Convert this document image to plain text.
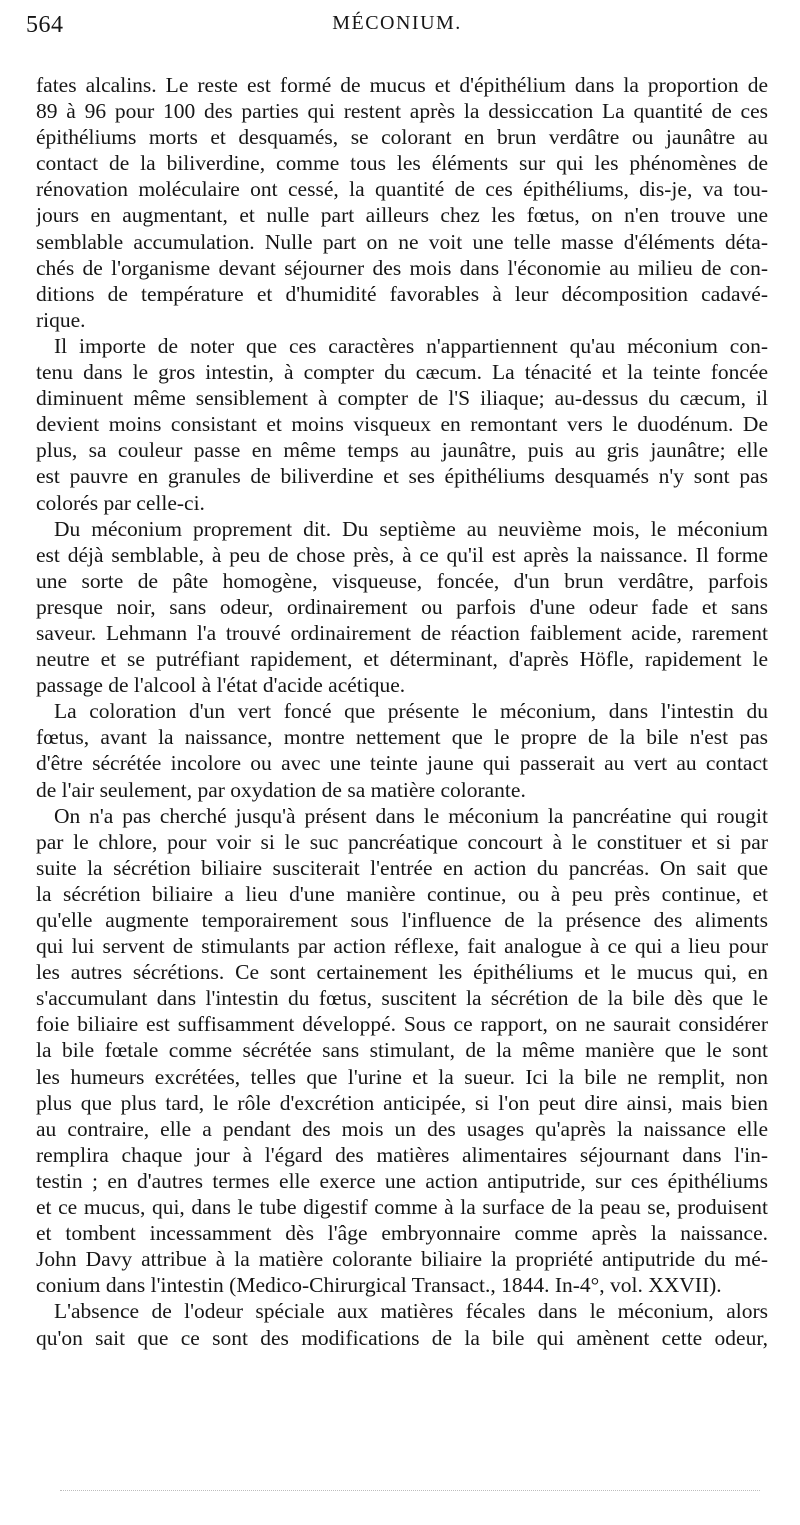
564	MÉCONIUM.
fates alcalins. Le reste est formé de mucus et d'épithélium dans la proportion de
89 à 96 pour 100 des parties qui restent après la dessiccation La quantité de ces
épithéliums morts et desquamés, se colorant en brun verdâtre ou jaunâtre au
contact de la biliverdine, comme tous les éléments sur qui les phénomènes de
rénovation moléculaire ont cessé, la quantité de ces épithéliums, dis-je, va tou-
jours en augmentant, et nulle part ailleurs chez les fœtus, on n'en trouve une
semblable accumulation. Nulle part on ne voit une telle masse d'éléments déta-
chés de l'organisme devant séjourner des mois dans l'économie au milieu de con-
ditions de température et d'humidité favorables à leur décomposition cadavé-
rique.
Il importe de noter que ces caractères n'appartiennent qu'au méconium con-
tenu dans le gros intestin, à compter du cæcum. La ténacité et la teinte foncée
diminuent même sensiblement à compter de l'S iliaque; au-dessus du cæcum, il
devient moins consistant et moins visqueux en remontant vers le duodénum. De
plus, sa couleur passe en même temps au jaunâtre, puis au gris jaunâtre; elle
est pauvre en granules de biliverdine et ses épithéliums desquamés n'y sont pas
colorés par celle-ci.
Du méconium proprement dit. Du septième au neuvième mois, le méconium
est déjà semblable, à peu de chose près, à ce qu'il est après la naissance. Il forme
une sorte de pâte homogène, visqueuse, foncée, d'un brun verdâtre, parfois
presque noir, sans odeur, ordinairement ou parfois d'une odeur fade et sans
saveur. Lehmann l'a trouvé ordinairement de réaction faiblement acide, rarement
neutre et se putréfiant rapidement, et déterminant, d'après Höfle, rapidement le
passage de l'alcool à l'état d'acide acétique.
La coloration d'un vert foncé que présente le méconium, dans l'intestin du
fœtus, avant la naissance, montre nettement que le propre de la bile n'est pas
d'être sécrétée incolore ou avec une teinte jaune qui passerait au vert au contact
de l'air seulement, par oxydation de sa matière colorante.
On n'a pas cherché jusqu'à présent dans le méconium la pancréatine qui rougit
par le chlore, pour voir si le suc pancréatique concourt à le constituer et si par
suite la sécrétion biliaire susciterait l'entrée en action du pancréas. On sait que
la sécrétion biliaire a lieu d'une manière continue, ou à peu près continue, et
qu'elle augmente temporairement sous l'influence de la présence des aliments
qui lui servent de stimulants par action réflexe, fait analogue à ce qui a lieu pour
les autres sécrétions. Ce sont certainement les épithéliums et le mucus qui, en
s'accumulant dans l'intestin du fœtus, suscitent la sécrétion de la bile dès que le
foie biliaire est suffisamment développé. Sous ce rapport, on ne saurait considérer
la bile fœtale comme sécrétée sans stimulant, de la même manière que le sont
les humeurs excrétées, telles que l'urine et la sueur. Ici la bile ne remplit, non
plus que plus tard, le rôle d'excrétion anticipée, si l'on peut dire ainsi, mais bien
au contraire, elle a pendant des mois un des usages qu'après la naissance elle
remplira chaque jour à l'égard des matières alimentaires séjournant dans l'in-
testin ; en d'autres termes elle exerce une action antiputride, sur ces épithéliums
et ce mucus, qui, dans le tube digestif comme à la surface de la peau se, produisent
et tombent incessamment dès l'âge embryonnaire comme après la naissance.
John Davy attribue à la matière colorante biliaire la propriété antiputride du mé-
conium dans l'intestin (Medico-Chirurgical Transact., 1844. In-4°, vol. XXVII).
L'absence de l'odeur spéciale aux matières fécales dans le méconium, alors
qu'on sait que ce sont des modifications de la bile qui amènent cette odeur,
